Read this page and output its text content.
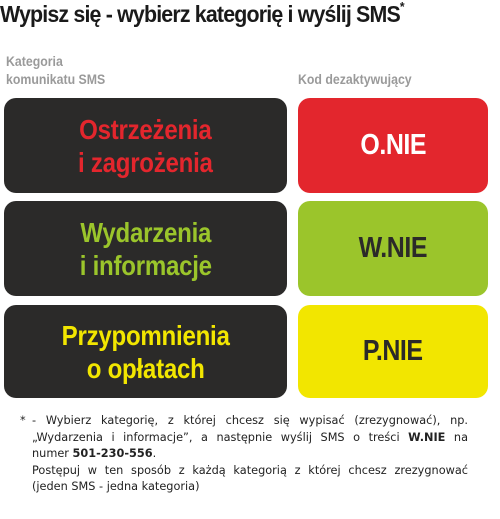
Wypisz się - wybierz kategorię i wyślij SMS*
Kategoria
komunikatu SMS	Kod dezaktywujący
Ostrzeżenia
i zagrożenia
O.NIE
Wydarzenia
i informacje
W.NIE
Przypomnienia
o opłatach
P.NIE
* - Wybierz kategorię, z której chcesz się wypisać (zrezygnować), np.
„Wydarzenia i informacje”, a następnie wyślij SMS o treści W.NIE na
numer 501-230-556.
Postępuj w ten sposób z każdą kategorią z której chcesz zrezygnować
(jeden SMS - jedna kategoria)
